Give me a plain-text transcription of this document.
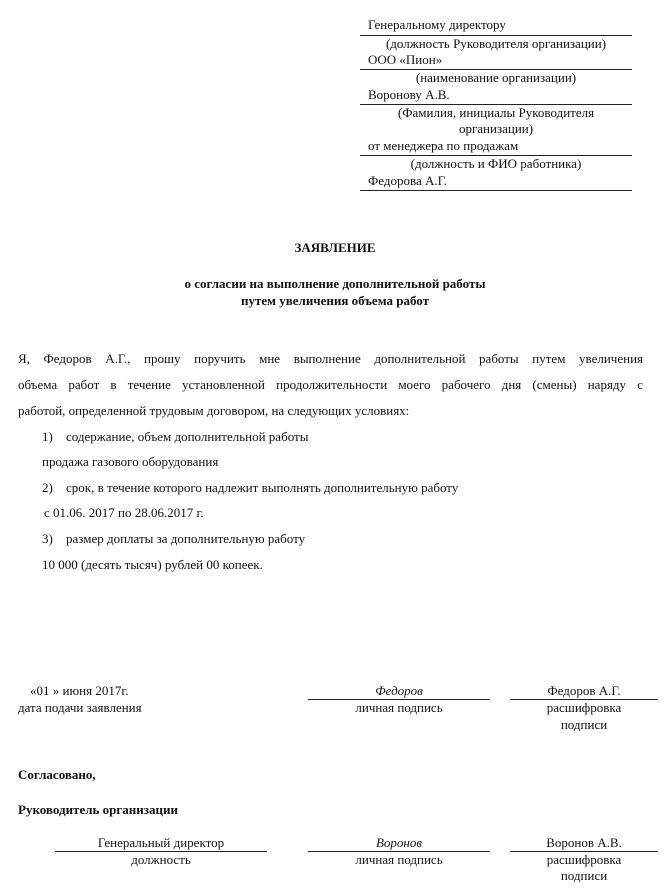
Генеральному директору
(должность Руководителя организации)
ООО «Пион»
(наименование организации)
Воронову А.В.
(Фамилия, инициалы Руководителя
организации)
от менеджера по продажам
(должность и ФИО работника)
Федорова А.Г.
ЗАЯВЛЕНИЕ
о согласии на выполнение дополнительной работы
путем увеличения объема работ
Я, Федоров А.Г., прошу поручить мне выполнение дополнительной работы путем увеличения
объема работ в течение установленной продолжительности моего рабочего дня (смены) наряду с
работой, определенной трудовым договором, на следующих условиях:
1) содержание, объем дополнительной работы
продажа газового оборудования
2) срок, в течение которого надлежит выполнять дополнительную работу
с 01.06. 2017 по 28.06.2017 г.
3) размер доплаты за дополнительную работу
10 000 (десять тысяч) рублей 00 копеек.
«01 » июня 2017г.
дата подачи заявления
Федоров
личная подпись
Федоров А.Г.
расшифровка
подписи
Согласовано,
Руководитель организации
Генеральный директор
должность
Воронов
личная подпись
Воронов А.В.
расшифровка
подписи
